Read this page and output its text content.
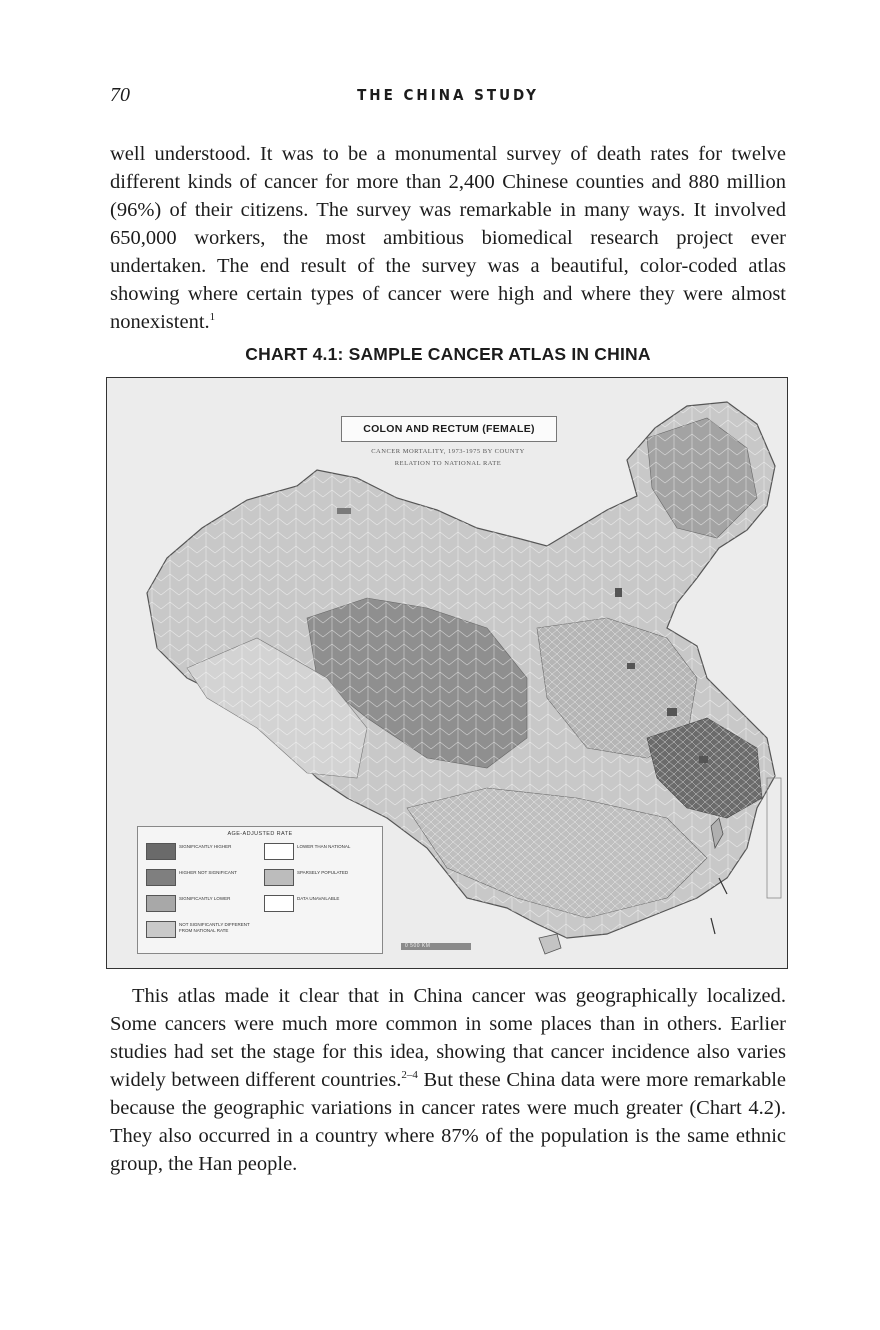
70	THE CHINA STUDY

well understood. It was to be a monumental survey of death rates for twelve different kinds of cancer for more than 2,400 Chinese counties and 880 million (96%) of their citizens. The survey was remarkable in many ways. It involved 650,000 workers, the most ambitious biomedical research project ever undertaken. The end result of the survey was a beautiful, color-coded atlas showing where certain types of cancer were high and where they were almost nonexistent.$^1$

CHART 4.1: SAMPLE CANCER ATLAS IN CHINA
COLON AND RECTUM (FEMALE)
CANCER MORTALITY, 1973-1975 BY COUNTY
RELATION TO NATIONAL RATE
AGE-ADJUSTED RATE
SIGNIFICANTLY HIGHER	LOWER THAN NATIONAL
HIGHER NOT SIGNIFICANT	SPARSELY POPULATED
SIGNIFICANTLY LOWER	DATA UNAVAILABLE
NOT SIGNIFICANTLY DIFFERENT FROM NATIONAL RATE
0 500 KM

This atlas made it clear that in China cancer was geographically localized. Some cancers were much more common in some places than in others. Earlier studies had set the stage for this idea, showing that cancer incidence also varies widely between different countries.$^{2-4}$ But these China data were more remarkable because the geographic variations in cancer rates were much greater (Chart 4.2). They also occurred in a country where 87% of the population is the same ethnic group, the Han people.
